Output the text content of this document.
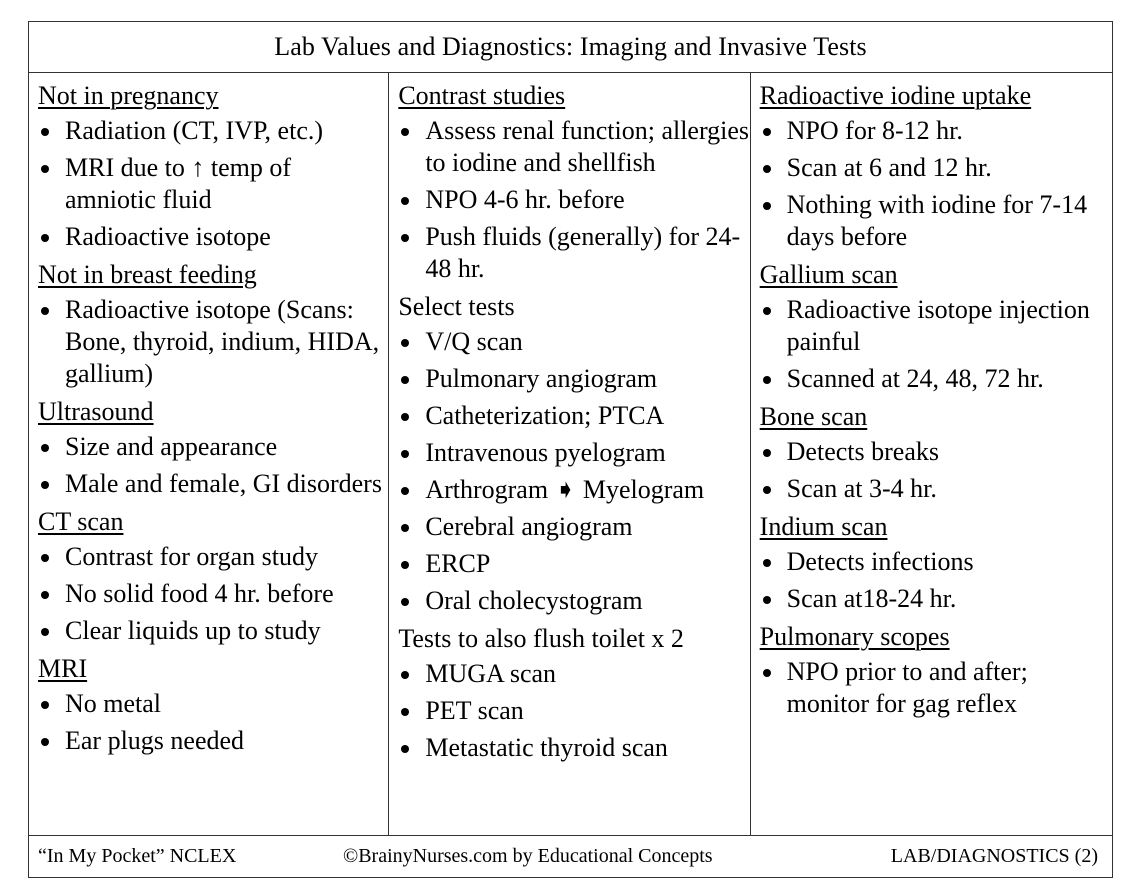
Lab Values and Diagnostics: Imaging and Invasive Tests
Not in pregnancy
Radiation (CT, IVP, etc.)
MRI due to ↑ temp of amniotic fluid
Radioactive isotope
Not in breast feeding
Radioactive isotope (Scans: Bone, thyroid, indium, HIDA, gallium)
Ultrasound
Size and appearance
Male and female, GI disorders
CT scan
Contrast for organ study
No solid food 4 hr. before
Clear liquids up to study
MRI
No metal
Ear plugs needed
Contrast studies
Assess renal function; allergies to iodine and shellfish
NPO 4-6 hr. before
Push fluids (generally) for 24-48 hr.
Select tests
V/Q scan
Pulmonary angiogram
Catheterization; PTCA
Intravenous pyelogram
Arthrogram ➧ Myelogram
Cerebral angiogram
ERCP
Oral cholecystogram
Tests to also flush toilet x 2
MUGA scan
PET scan
Metastatic thyroid scan
Radioactive iodine uptake
NPO for 8-12 hr.
Scan at 6 and 12 hr.
Nothing with iodine for 7-14 days before
Gallium scan
Radioactive isotope injection painful
Scanned at 24, 48, 72 hr.
Bone scan
Detects breaks
Scan at 3-4 hr.
Indium scan
Detects infections
Scan at18-24 hr.
Pulmonary scopes
NPO prior to and after; monitor for gag reflex
“In My Pocket” NCLEX	©BrainyNurses.com by Educational Concepts	LAB/DIAGNOSTICS (2)
